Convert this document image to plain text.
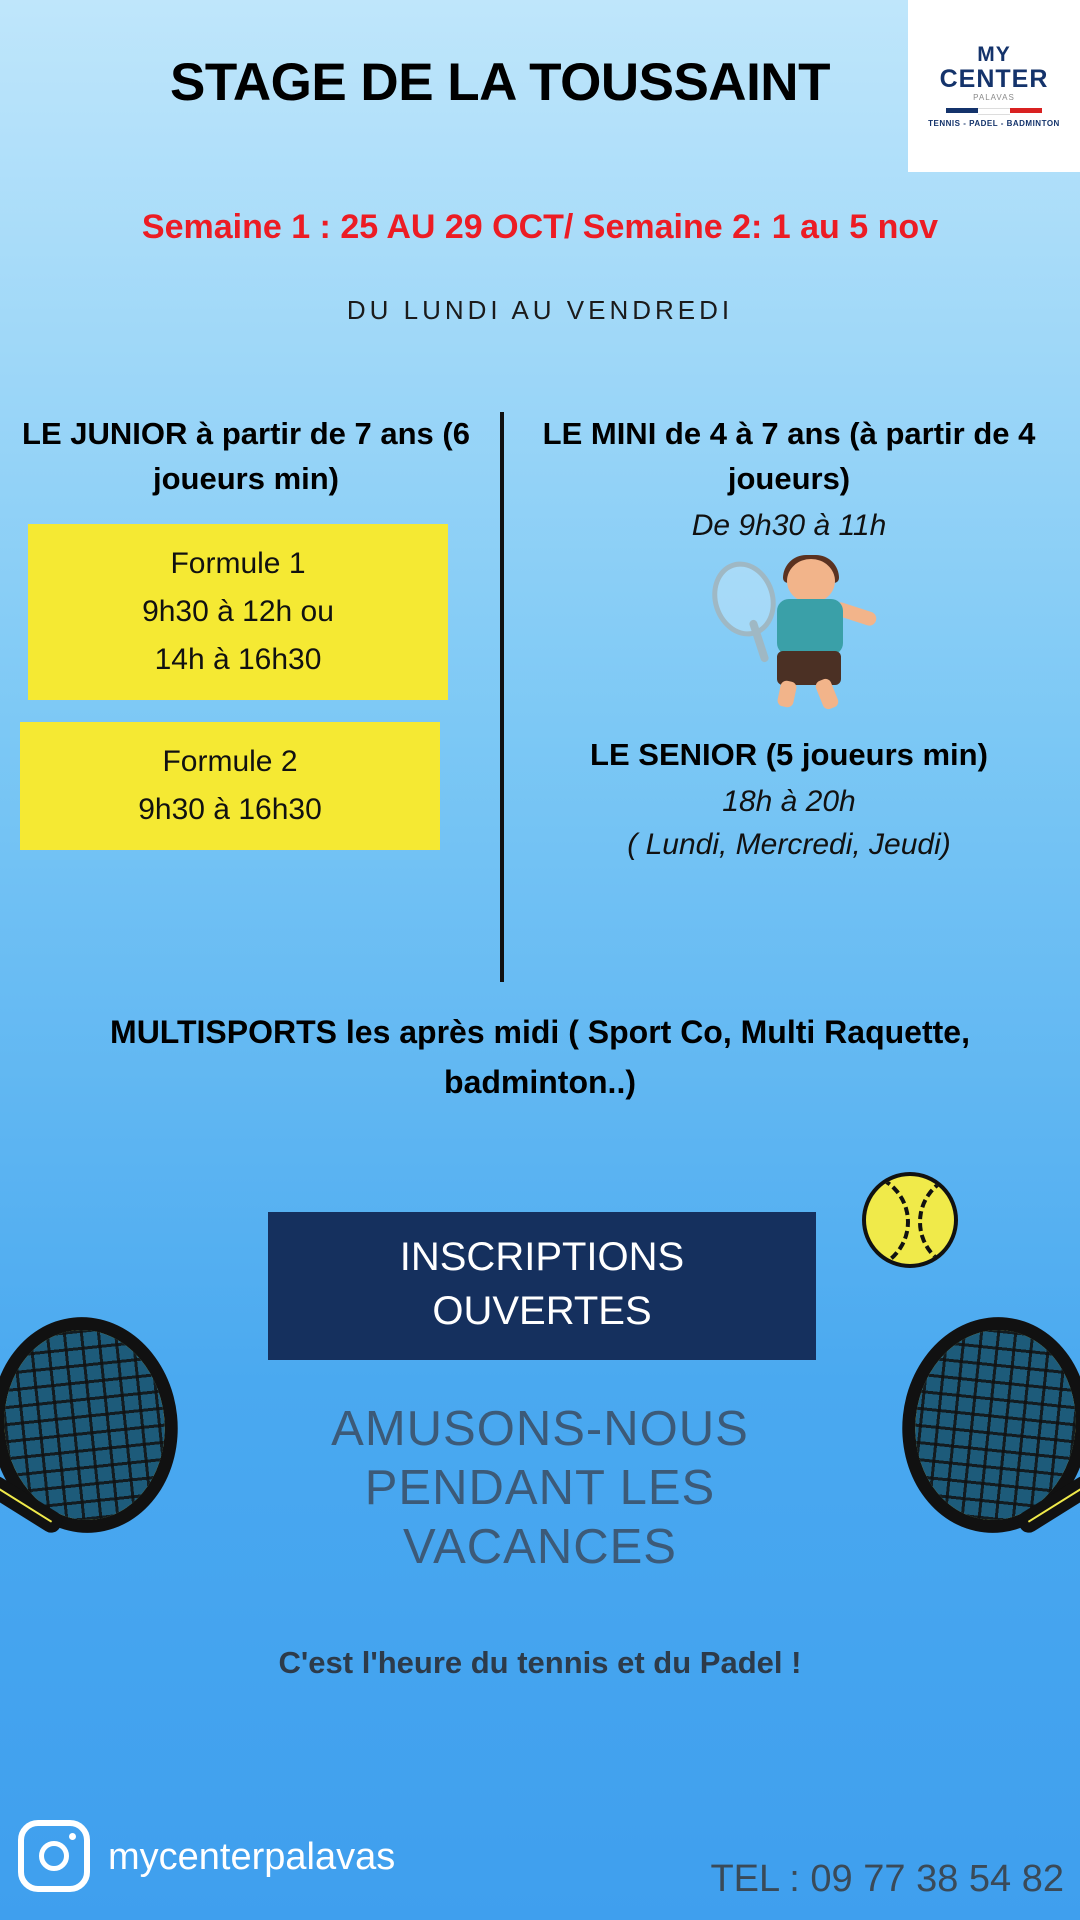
MY
CENTER
PALAVAS
TENNIS - PADEL - BADMINTON
STAGE DE LA TOUSSAINT
Semaine 1 : 25 AU 29 OCT/ Semaine 2: 1 au 5 nov
DU LUNDI AU VENDREDI
LE JUNIOR à partir de 7 ans (6 joueurs min)
Formule 1
9h30 à 12h ou
14h à 16h30
Formule 2
9h30 à 16h30
LE MINI de 4 à 7 ans (à partir de 4 joueurs)
De 9h30 à 11h
LE SENIOR (5 joueurs min)
18h à 20h
( Lundi, Mercredi, Jeudi)
MULTISPORTS les après midi ( Sport Co, Multi Raquette, badminton..)
INSCRIPTIONS
OUVERTES
AMUSONS-NOUS
PENDANT LES
VACANCES
C'est l'heure du tennis et du Padel !
mycenterpalavas
TEL : 09 77 38 54 82
